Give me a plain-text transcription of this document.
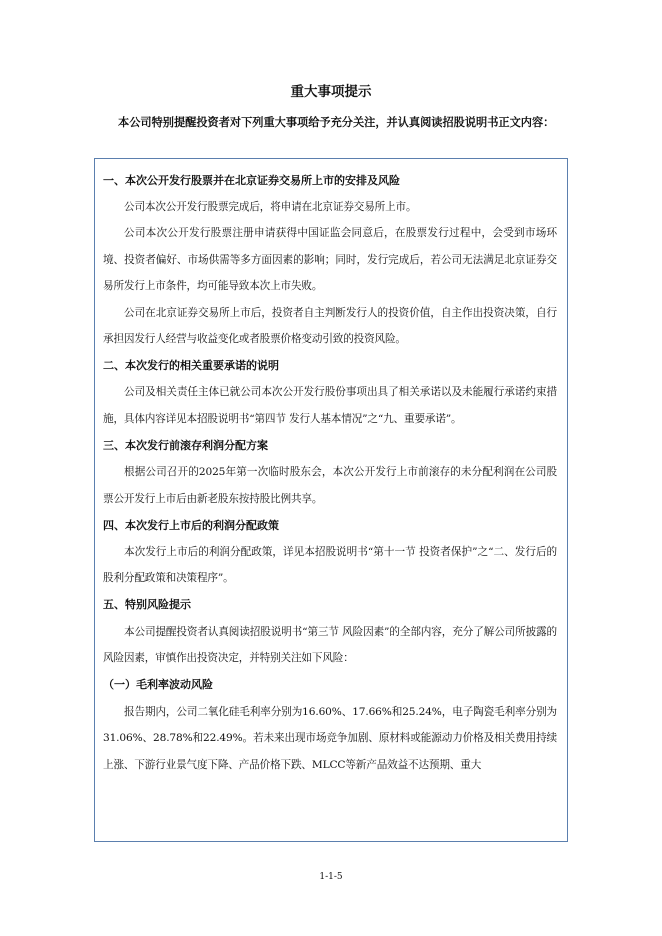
重大事项提示
本公司特别提醒投资者对下列重大事项给予充分关注，并认真阅读招股说明书正文内容：
一、本次公开发行股票并在北京证券交易所上市的安排及风险

公司本次公开发行股票完成后，将申请在北京证券交易所上市。

公司本次公开发行股票注册申请获得中国证监会同意后，在股票发行过程中，会受到市场环境、投资者偏好、市场供需等多方面因素的影响；同时，发行完成后，若公司无法满足北京证券交易所发行上市条件，均可能导致本次上市失败。

公司在北京证券交易所上市后，投资者自主判断发行人的投资价值，自主作出投资决策，自行承担因发行人经营与收益变化或者股票价格变动引致的投资风险。

二、本次发行的相关重要承诺的说明

公司及相关责任主体已就公司本次公开发行股份事项出具了相关承诺以及未能履行承诺约束措施，具体内容详见本招股说明书“第四节 发行人基本情况”之“九、重要承诺”。

三、本次发行前滚存利润分配方案

根据公司召开的2025年第一次临时股东会，本次公开发行上市前滚存的未分配利润在公司股票公开发行上市后由新老股东按持股比例共享。

四、本次发行上市后的利润分配政策

本次发行上市后的利润分配政策，详见本招股说明书“第十一节 投资者保护”之“二、发行后的股利分配政策和决策程序”。

五、特别风险提示

本公司提醒投资者认真阅读招股说明书“第三节 风险因素”的全部内容，充分了解公司所披露的风险因素，审慎作出投资决定，并特别关注如下风险：

（一）毛利率波动风险

报告期内，公司二氧化硅毛利率分别为16.60%、17.66%和25.24%，电子陶瓷毛利率分别为31.06%、28.78%和22.49%。若未来出现市场竞争加剧、原材料或能源动力价格及相关费用持续上涨、下游行业景气度下降、产品价格下跌、MLCC等新产品效益不达预期、重大

1-1-5
